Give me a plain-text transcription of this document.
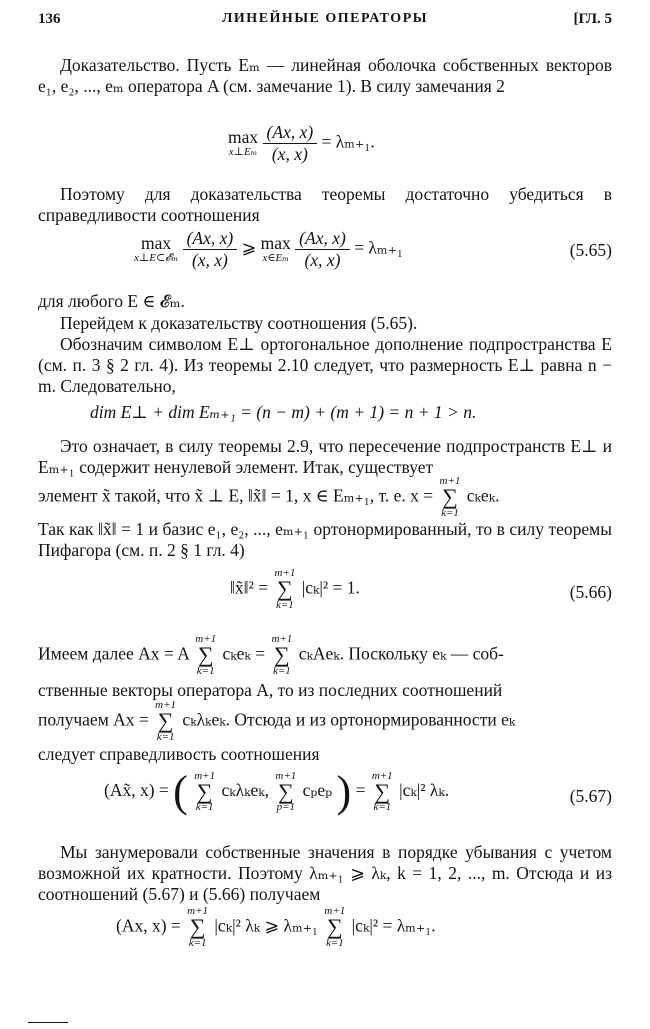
136	ЛИНЕЙНЫЕ ОПЕРАТОРЫ	[ГЛ. 5

Доказательство. Пусть Eₘ — линейная оболочка собственных векторов e₁, e₂, ..., eₘ оператора A (см. замечание 1). В силу замечания 2

max
x⊥Eₘ
$\frac{(Ax, x)}{(x, x)} = \lambda_{m+1}$.

Поэтому для доказательства теоремы достаточно убедиться в справедливости соотношения

max
x⊥E⊂𝓔ₘ
$\frac{(Ax, x)}{(x, x)}$ ⩾ max
x∈Eₘ
$\frac{(Ax, x)}{(x, x)} = \lambda_{m+1}$	(5.65)
для любого E ∈ 𝓔ₘ.
Перейдем к доказательству соотношения (5.65).

Обозначим символом E⊥ ортогональное дополнение подпространства E (см. п. 3 § 2 гл. 4). Из теоремы 2.10 следует, что размерность E⊥ равна n − m. Следовательно,

dim E⊥ + dim Eₘ₊₁ = (n − m) + (m + 1) = n + 1 > n.

Это означает, в силу теоремы 2.9, что пересечение подпространств E⊥ и Eₘ₊₁ содержит ненулевой элемент. Итак, существует

элемент x̃ такой, что x̃ ⊥ E, ‖x̃‖ = 1, x ∈ Eₘ₊₁, т. е. x =
m+1
∑
k=1
cₖeₖ.

Так как ‖x̃‖ = 1 и базис e₁, e₂, ..., eₘ₊₁ ортонормированный, то в силу теоремы Пифагора (см. п. 2 § 1 гл. 4)

‖x̃‖² =
m+1
∑
k=1
|cₖ|² = 1.	(5.66)
Имеем далее Ax = A
m+1
∑
k=1
cₖeₖ =
m+1
∑
k=1
cₖAeₖ. Поскольку eₖ — соб-
ственные векторы оператора A, то из последних соотношений
получаем Ax =
m+1
∑
k=1
cₖλₖeₖ. Отсюда и из ортонормированности eₖ
следует справедливость соотношения
(Ax̃, x) = ( m+1
∑
k=1
cₖλₖeₖ,
m+1
∑
p=1
cₚeₚ ) =
m+1
∑
k=1
|cₖ|² λₖ.	(5.67)

Мы занумеровали собственные значения в порядке убывания с учетом возможной их кратности. Поэтому λₘ₊₁ ⩾ λₖ, k = 1, 2, ..., m. Отсюда и из соотношений (5.67) и (5.66) получаем

(Ax, x) =
m+1
∑
k=1
|cₖ|² λₖ ⩾ λₘ₊₁
m+1
∑
k=1
|cₖ|² = λₘ₊₁.
